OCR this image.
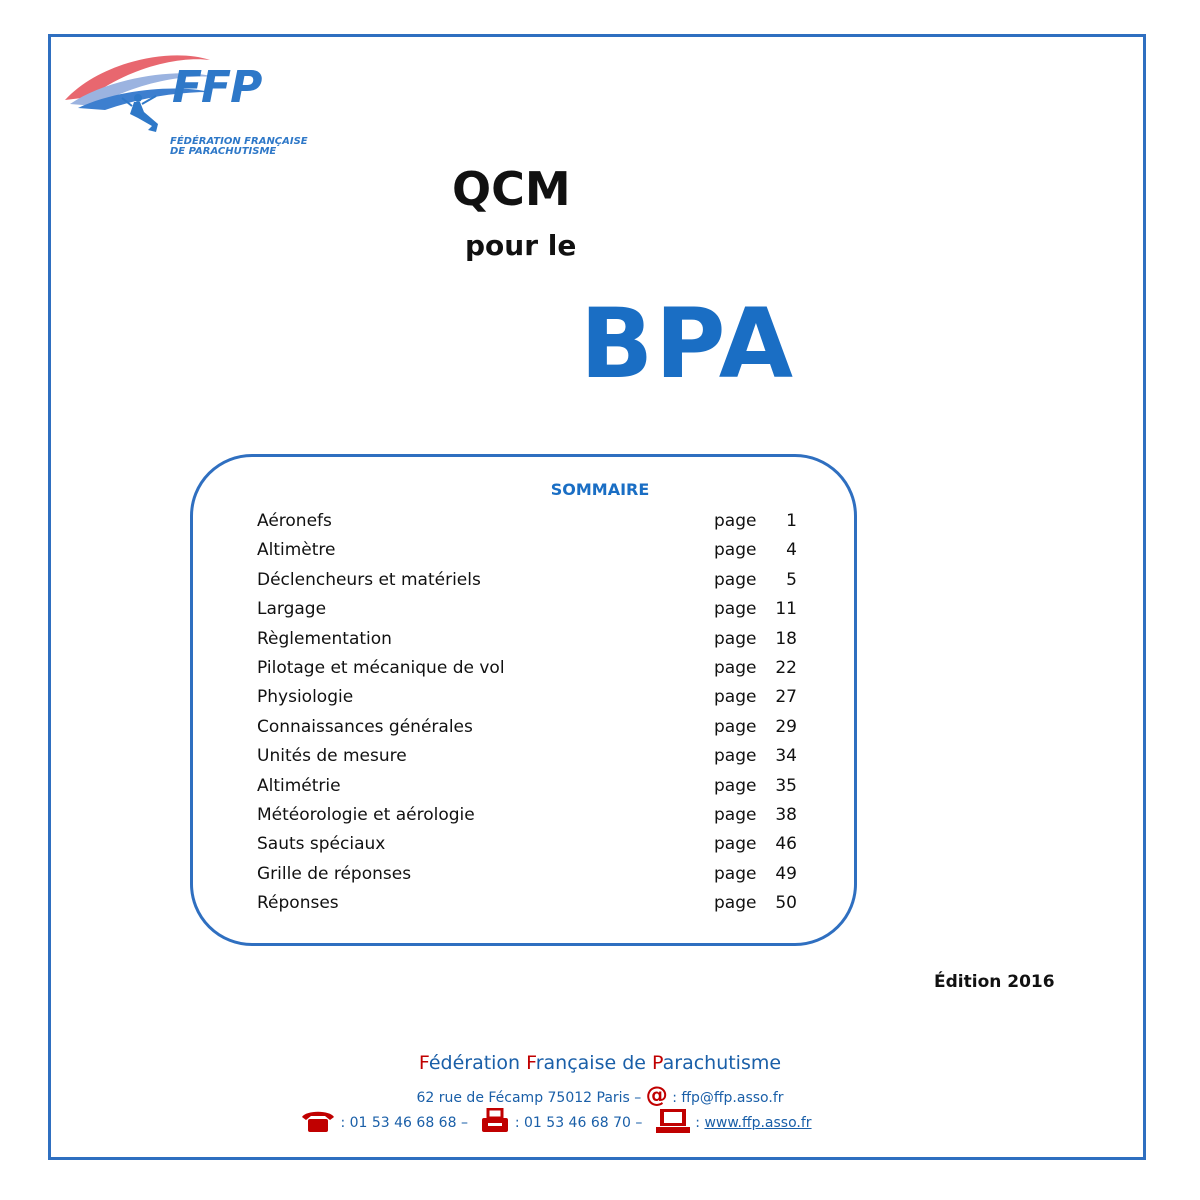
FFP
FÉDÉRATION FRANÇAISE
DE PARACHUTISME
QCM
pour le
BPA
SOMMAIRE
Aéronefs	page 1
Altimètre	page 4
Déclencheurs et matériels	page 5
Largage	page 11
Règlementation	page 18
Pilotage et mécanique de vol	page 22
Physiologie	page 27
Connaissances générales	page 29
Unités de mesure	page 34
Altimétrie	page 35
Météorologie et aérologie	page 38
Sauts spéciaux	page 46
Grille de réponses	page 49
Réponses	page 50
Édition 2016
Fédération Française de Parachutisme
62 rue de Fécamp 75012 Paris – @ : ffp@ffp.asso.fr
: 01 53 46 68 68 –	: 01 53 46 68 70 –	: www.ffp.asso.fr
